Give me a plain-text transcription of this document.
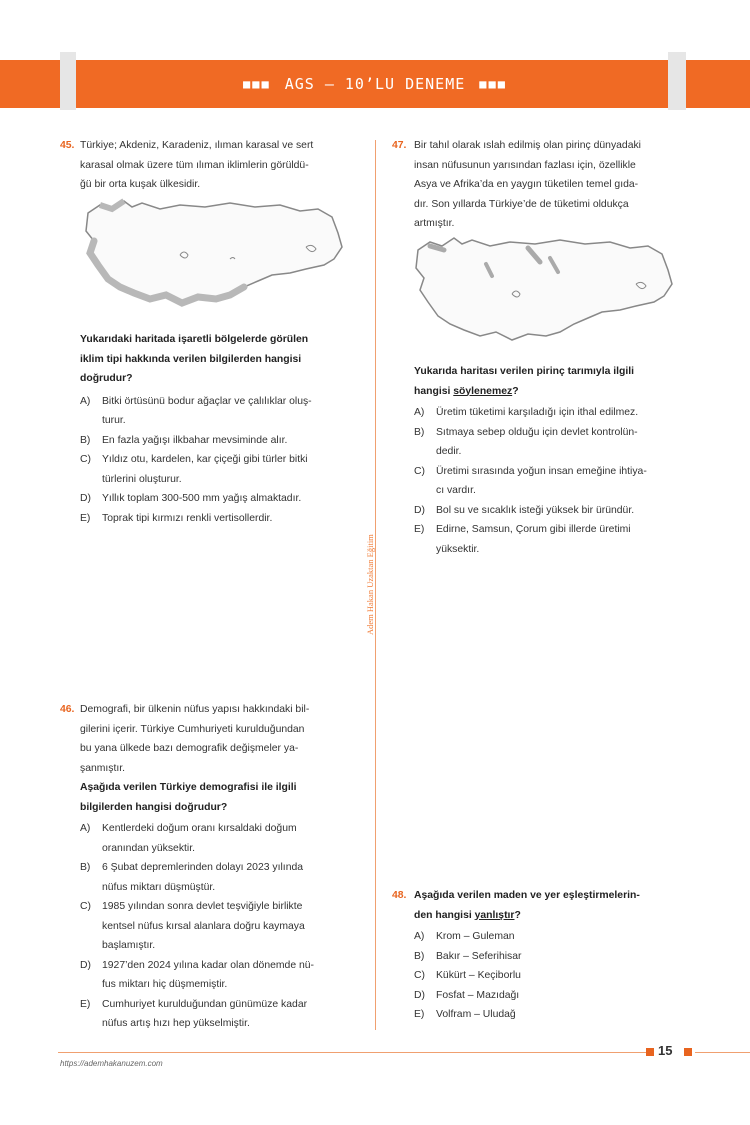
■■■ AGS – 10’LU DENEME ■■■
Adem Hakan Uzaktan Eğitim
45. Türkiye; Akdeniz, Karadeniz, ılıman karasal ve sert
karasal olmak üzere tüm ılıman iklimlerin görüldü-
ğü bir orta kuşak ülkesidir.
Yukarıdaki haritada işaretli bölgelerde görülen
iklim tipi hakkında verilen bilgilerden hangisi
doğrudur?
A) Bitki örtüsünü bodur ağaçlar ve çalılıklar oluş-
turur.
B) En fazla yağışı ilkbahar mevsiminde alır.
C) Yıldız otu, kardelen, kar çiçeği gibi türler bitki
türlerini oluşturur.
D) Yıllık toplam 300-500 mm yağış almaktadır.
E) Toprak tipi kırmızı renkli vertisollerdir.
46. Demografi, bir ülkenin nüfus yapısı hakkındaki bil-
gilerini içerir. Türkiye Cumhuriyeti kurulduğundan
bu yana ülkede bazı demografik değişmeler ya-
şanmıştır.
Aşağıda verilen Türkiye demografisi ile ilgili
bilgilerden hangisi doğrudur?
A) Kentlerdeki doğum oranı kırsaldaki doğum
oranından yüksektir.
B) 6 Şubat depremlerinden dolayı 2023 yılında
nüfus miktarı düşmüştür.
C) 1985 yılından sonra devlet teşviğiyle birlikte
kentsel nüfus kırsal alanlara doğru kaymaya
başlamıştır.
D) 1927’den 2024 yılına kadar olan dönemde nü-
fus miktarı hiç düşmemiştir.
E) Cumhuriyet kurulduğundan günümüze kadar
nüfus artış hızı hep yükselmiştir.
47. Bir tahıl olarak ıslah edilmiş olan pirinç dünyadaki
insan nüfusunun yarısından fazlası için, özellikle
Asya ve Afrika’da en yaygın tüketilen temel gıda-
dır. Son yıllarda Türkiye’de de tüketimi oldukça
artmıştır.
Yukarıda haritası verilen pirinç tarımıyla ilgili
hangisi söylenemez?
A) Üretim tüketimi karşıladığı için ithal edilmez.
B) Sıtmaya sebep olduğu için devlet kontrolün-
dedir.
C) Üretimi sırasında yoğun insan emeğine ihtiya-
cı vardır.
D) Bol su ve sıcaklık isteği yüksek bir üründür.
E) Edirne, Samsun, Çorum gibi illerde üretimi
yüksektir.
48. Aşağıda verilen maden ve yer eşleştirmelerin-
den hangisi yanlıştır?
A) Krom – Guleman
B) Bakır – Seferihisar
C) Kükürt – Keçiborlu
D) Fosfat – Mazıdağı
E) Volfram – Uludağ
15
https://ademhakanuzem.com
